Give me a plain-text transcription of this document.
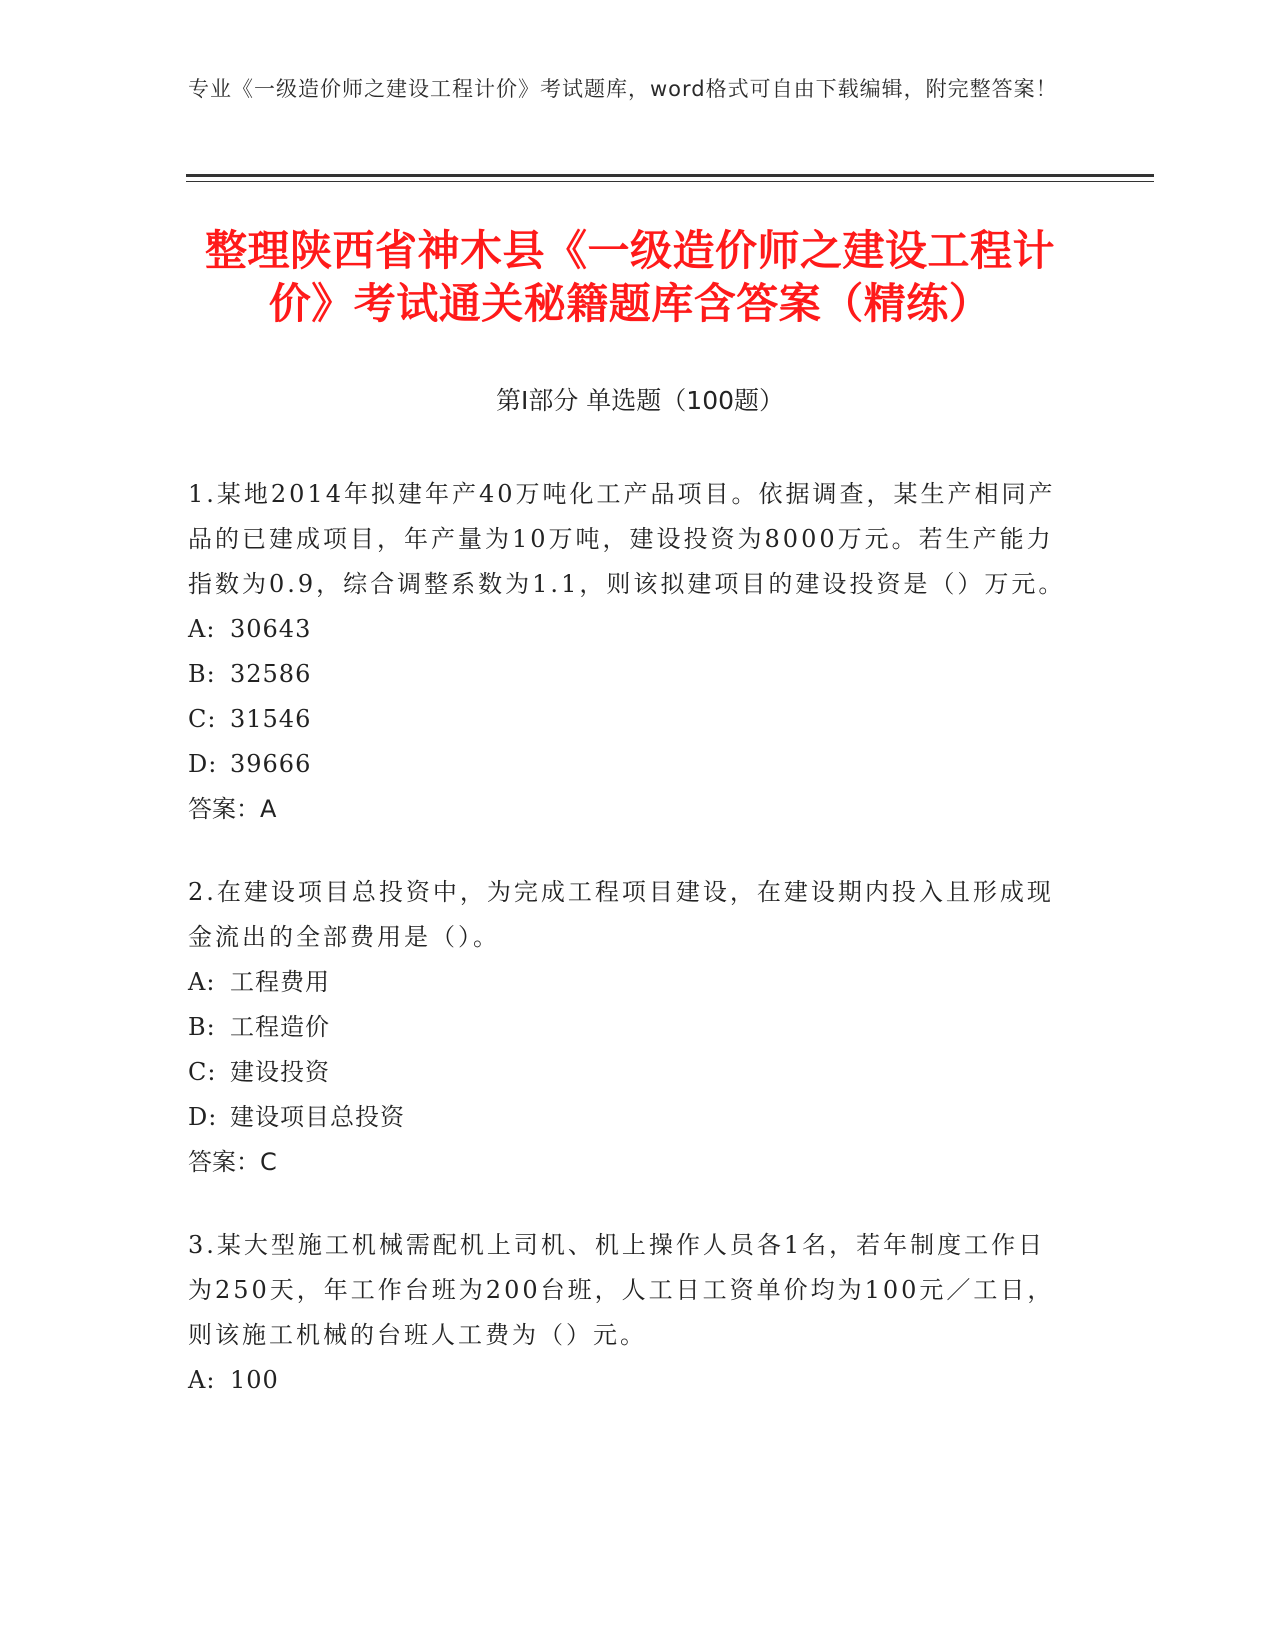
专业《一级造价师之建设工程计价》考试题库，word格式可自由下载编辑，附完整答案！
整理陕西省神木县《一级造价师之建设工程计价》考试通关秘籍题库含答案（精练）
第Ⅰ部分 单选题（100题）
1.某地2014年拟建年产40万吨化工产品项目。依据调查，某生产相同产品的已建成项目，年产量为10万吨，建设投资为8000万元。若生产能力指数为0.9，综合调整系数为1.1，则该拟建项目的建设投资是（）万元。
A: 30643
B: 32586
C: 31546
D: 39666
答案：A
2.在建设项目总投资中，为完成工程项目建设，在建设期内投入且形成现金流出的全部费用是（）。
A: 工程费用
B: 工程造价
C: 建设投资
D: 建设项目总投资
答案：C
3.某大型施工机械需配机上司机、机上操作人员各1名，若年制度工作日为250天，年工作台班为200台班，人工日工资单价均为100元／工日，则该施工机械的台班人工费为（）元。
A: 100
